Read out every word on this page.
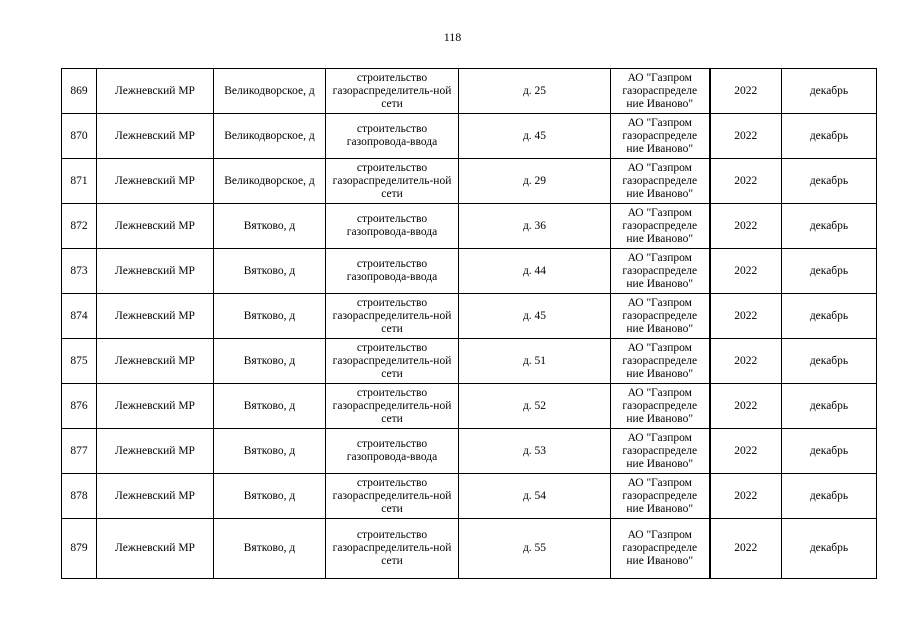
118
869	Лежневский МР	Великодворское, д	строительство газораспределитель-ной сети	д. 25	АО "Газпром газораспределе ние Иваново"	2022	декабрь
870	Лежневский МР	Великодворское, д	строительство газопровода-ввода	д. 45	АО "Газпром газораспределе ние Иваново"	2022	декабрь
871	Лежневский МР	Великодворское, д	строительство газораспределитель-ной сети	д. 29	АО "Газпром газораспределе ние Иваново"	2022	декабрь
872	Лежневский МР	Вятково, д	строительство газопровода-ввода	д. 36	АО "Газпром газораспределе ние Иваново"	2022	декабрь
873	Лежневский МР	Вятково, д	строительство газопровода-ввода	д. 44	АО "Газпром газораспределе ние Иваново"	2022	декабрь
874	Лежневский МР	Вятково, д	строительство газораспределитель-ной сети	д. 45	АО "Газпром газораспределе ние Иваново"	2022	декабрь
875	Лежневский МР	Вятково, д	строительство газораспределитель-ной сети	д. 51	АО "Газпром газораспределе ние Иваново"	2022	декабрь
876	Лежневский МР	Вятково, д	строительство газораспределитель-ной сети	д. 52	АО "Газпром газораспределе ние Иваново"	2022	декабрь
877	Лежневский МР	Вятково, д	строительство газопровода-ввода	д. 53	АО "Газпром газораспределе ние Иваново"	2022	декабрь
878	Лежневский МР	Вятково, д	строительство газораспределитель-ной сети	д. 54	АО "Газпром газораспределе ние Иваново"	2022	декабрь
879	Лежневский МР	Вятково, д	строительство газораспределитель-ной сети	д. 55	АО "Газпром газораспределе ние Иваново"	2022	декабрь
